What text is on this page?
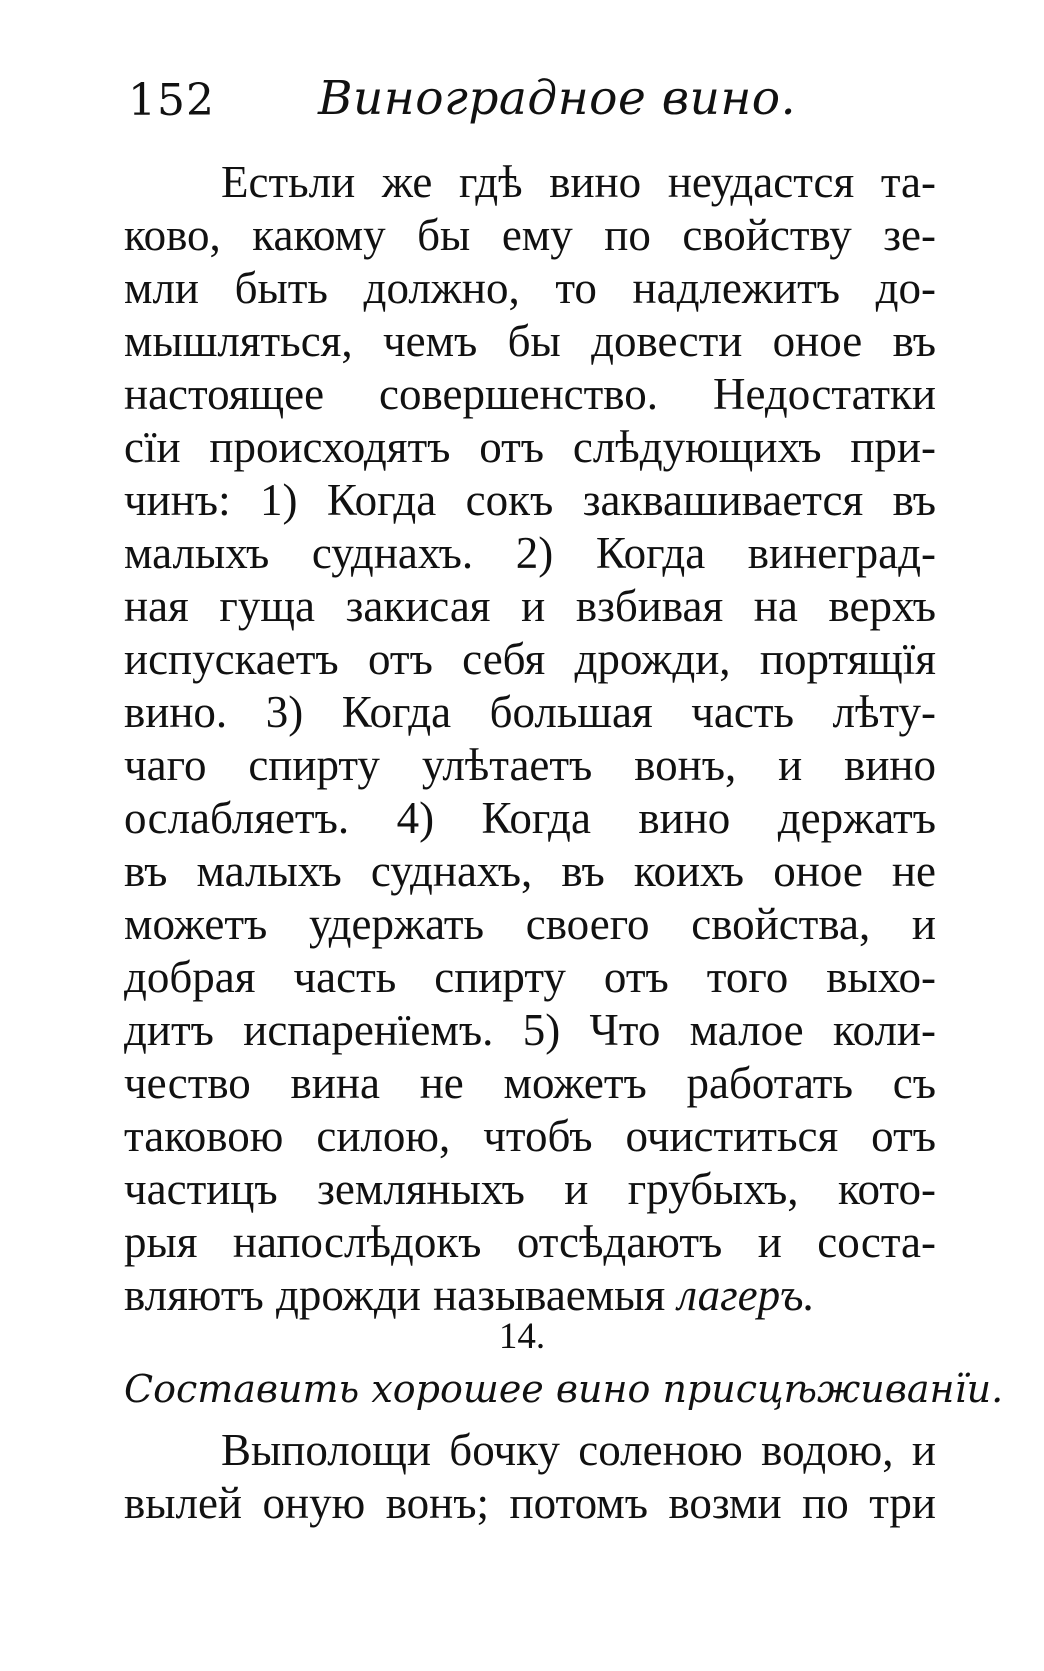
152 Виноградное вино.
Естьли же гдѣ вино неудастся та-
ково, какому бы ему по свойству зе-
мли быть должно, то надлежитъ до-
мышляться, чемъ бы довести оное въ
настоящее совершенство. Недостатки
сїи происходятъ отъ слѣдующихъ при-
чинъ: 1) Когда сокъ заквашивается въ
малыхъ суднахъ. 2) Когда винеград-
ная гуща закисая и взбивая на верхъ
испускаетъ отъ себя дрожди, портящїя
вино. 3) Когда большая часть лѣту-
чаго спирту улѣтаетъ вонъ, и вино
ослабляетъ. 4) Когда вино держатъ
въ малыхъ суднахъ, въ коихъ оное не
можетъ удержать своего свойства, и
добрая часть спирту отъ того выхо-
дитъ испаренїемъ. 5) Что малое коли-
чество вина не можетъ работать съ
таковою силою, чтобъ очиститься отъ
частицъ земляныхъ и грубыхъ, кото-
рыя напослѣдокъ отсѣдаютъ и соста-
вляютъ дрожди называемыя лагеръ.
14.
Составить хорошее вино присцѣживанїи.
Выполощи бочку соленою водою, и
вылей оную вонъ; потомъ возми по три
